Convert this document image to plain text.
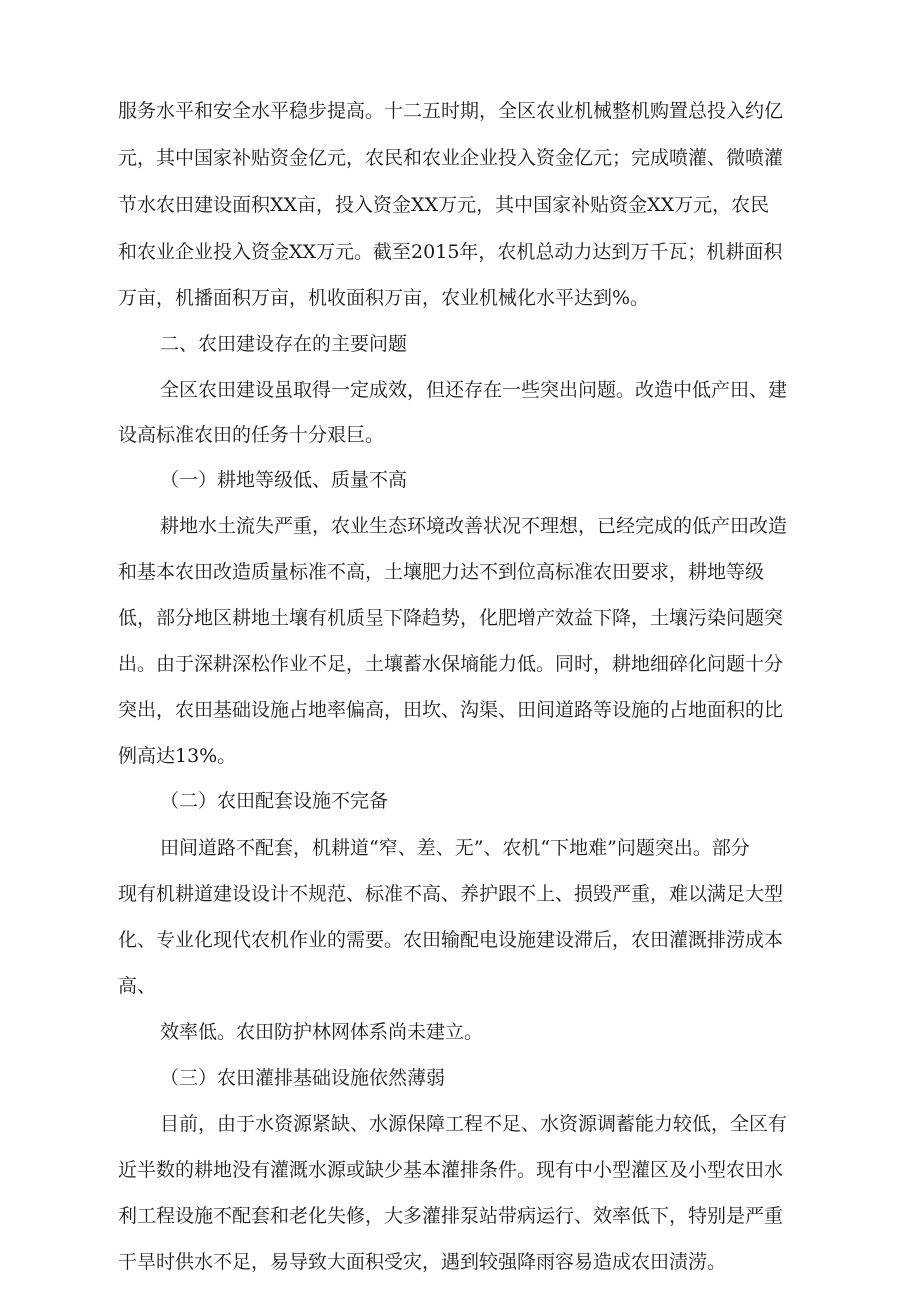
服务水平和安全水平稳步提高。十二五时期，全区农业机械整机购置总投入约亿
元，其中国家补贴资金亿元，农民和农业企业投入资金亿元；完成喷灌、微喷灌
节水农田建设面积XX亩，投入资金XX万元，其中国家补贴资金XX万元，农民
和农业企业投入资金XX万元。截至2015年，农机总动力达到万千瓦；机耕面积
万亩，机播面积万亩，机收面积万亩，农业机械化水平达到%。
二、农田建设存在的主要问题
全区农田建设虽取得一定成效，但还存在一些突出问题。改造中低产田、建
设高标准农田的任务十分艰巨。
（一）耕地等级低、质量不高
耕地水土流失严重，农业生态环境改善状况不理想，已经完成的低产田改造
和基本农田改造质量标准不高，土壤肥力达不到位高标准农田要求，耕地等级
低，部分地区耕地土壤有机质呈下降趋势，化肥增产效益下降，土壤污染问题突
出。由于深耕深松作业不足，土壤蓄水保墒能力低。同时，耕地细碎化问题十分
突出，农田基础设施占地率偏高，田坎、沟渠、田间道路等设施的占地面积的比
例高达13%。
（二）农田配套设施不完备
田间道路不配套，机耕道“窄、差、无”、农机“下地难”问题突出。部分
现有机耕道建设设计不规范、标准不高、养护跟不上、损毁严重，难以满足大型
化、专业化现代农机作业的需要。农田输配电设施建设滞后，农田灌溉排涝成本
高、
效率低。农田防护林网体系尚未建立。
（三）农田灌排基础设施依然薄弱
目前，由于水资源紧缺、水源保障工程不足、水资源调蓄能力较低，全区有
近半数的耕地没有灌溉水源或缺少基本灌排条件。现有中小型灌区及小型农田水
利工程设施不配套和老化失修，大多灌排泵站带病运行、效率低下，特别是严重
干旱时供水不足，易导致大面积受灾，遇到较强降雨容易造成农田渍涝。
